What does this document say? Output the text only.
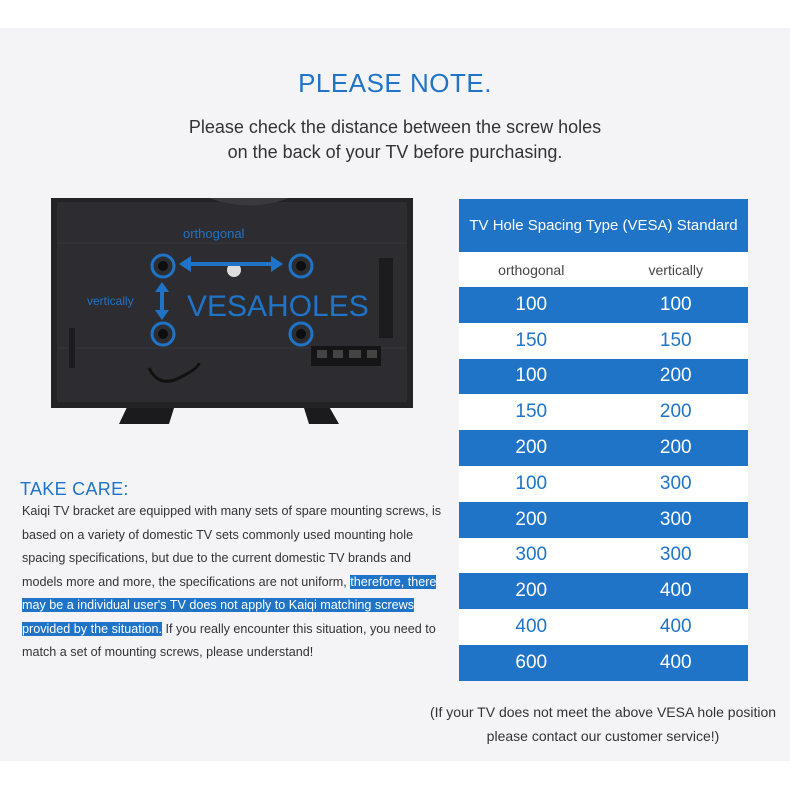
PLEASE NOTE.
Please check the distance between the screw holes
on the back of your TV before purchasing.
orthogonal
vertically VESAHOLES
TV Hole Spacing Type (VESA) Standard
orthogonal	vertically
100	100
150	150
100	200
150	200
200	200
100	300
200	300
300	300
200	400
400	400
600	400
TAKE CARE:
Kaiqi TV bracket are equipped with many sets of spare mounting screws, is based on a variety of domestic TV sets commonly used mounting hole spacing specifications, but due to the current domestic TV brands and models more and more, the specifications are not uniform, therefore, there may be a individual user's TV does not apply to Kaiqi matching screws provided by the situation. If you really encounter this situation, you need to match a set of mounting screws, please understand!
(If your TV does not meet the above VESA hole position
please contact our customer service!)
